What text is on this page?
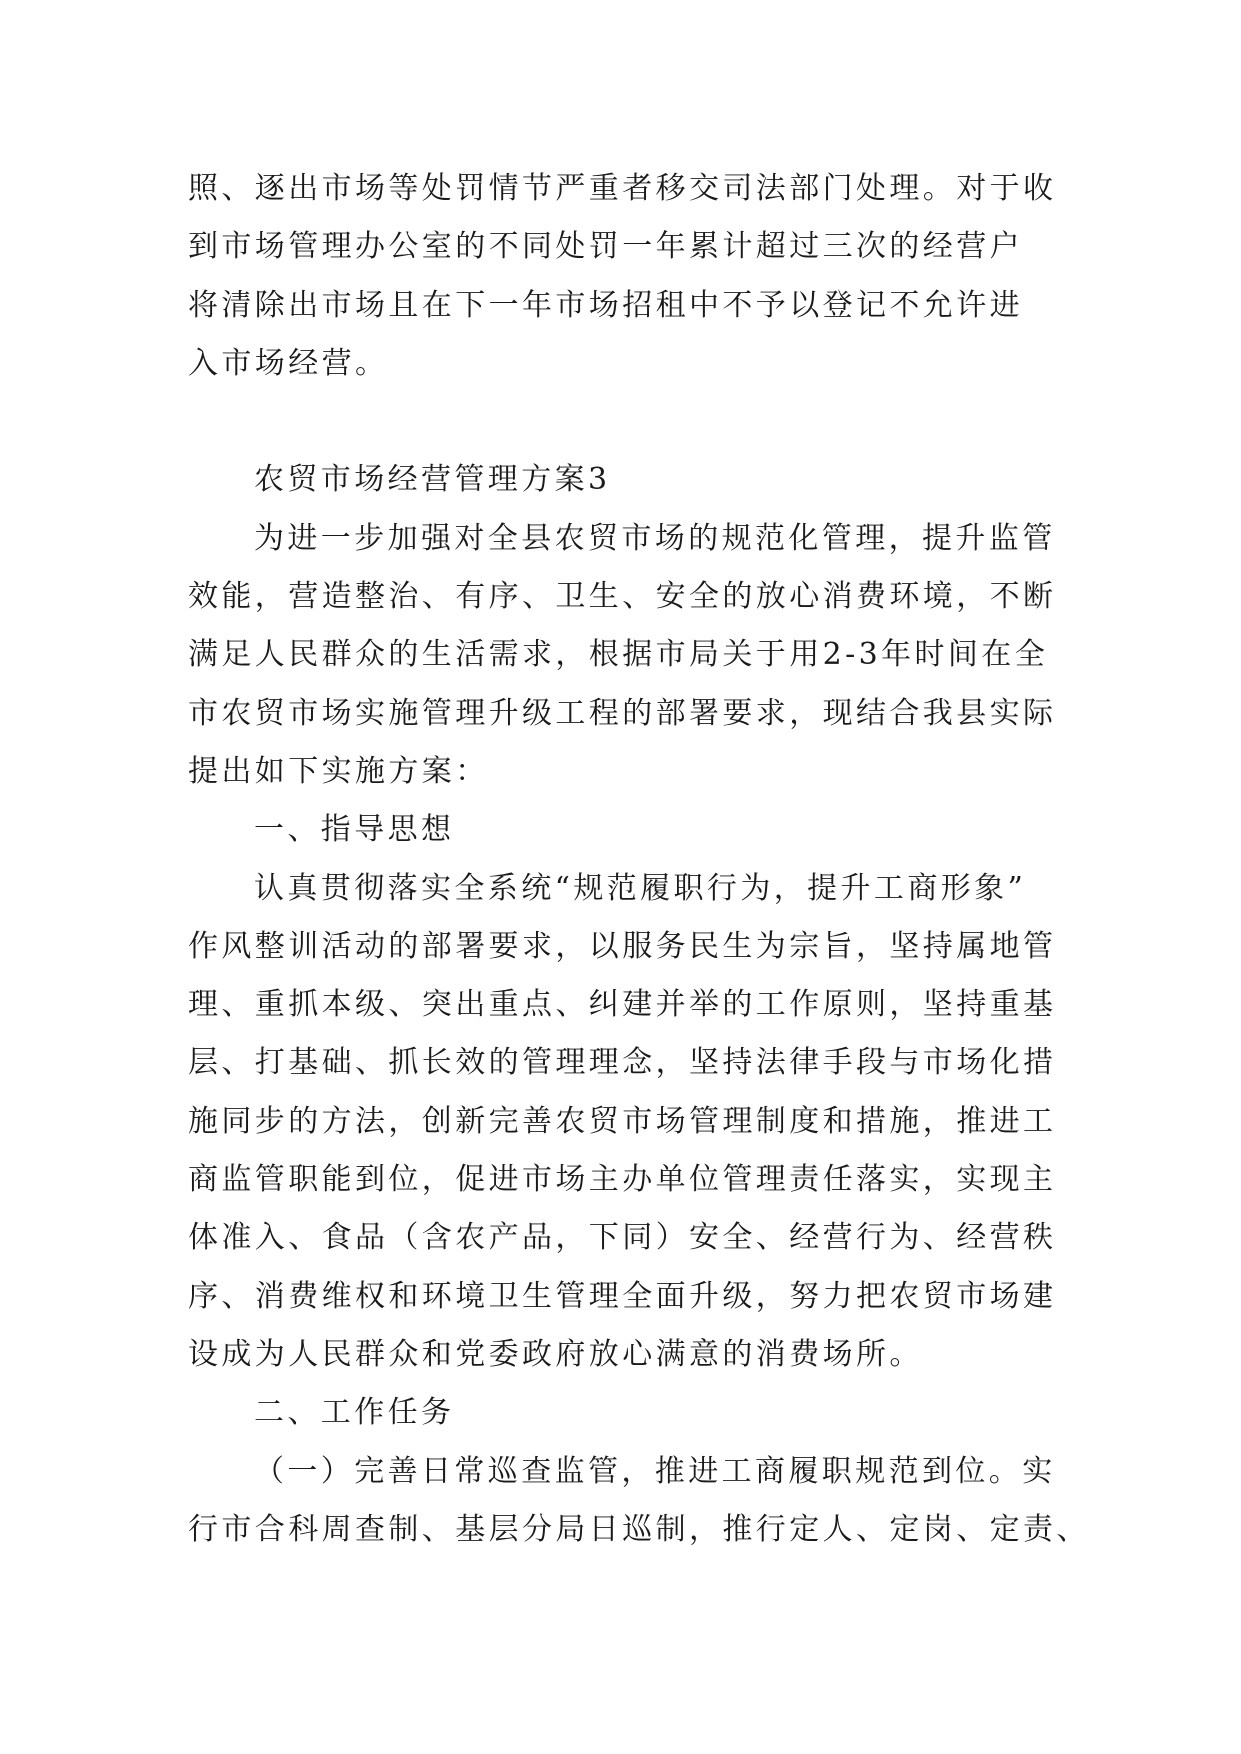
照、逐出市场等处罚情节严重者移交司法部门处理。对于收
到市场管理办公室的不同处罚一年累计超过三次的经营户
将清除出市场且在下一年市场招租中不予以登记不允许进
入市场经营。
农贸市场经营管理方案3
为进一步加强对全县农贸市场的规范化管理，提升监管
效能，营造整治、有序、卫生、安全的放心消费环境，不断
满足人民群众的生活需求，根据市局关于用2-3年时间在全
市农贸市场实施管理升级工程的部署要求，现结合我县实际
提出如下实施方案：
一、指导思想
认真贯彻落实全系统“规范履职行为，提升工商形象”
作风整训活动的部署要求，以服务民生为宗旨，坚持属地管
理、重抓本级、突出重点、纠建并举的工作原则，坚持重基
层、打基础、抓长效的管理理念，坚持法律手段与市场化措
施同步的方法，创新完善农贸市场管理制度和措施，推进工
商监管职能到位，促进市场主办单位管理责任落实，实现主
体准入、食品（含农产品，下同）安全、经营行为、经营秩
序、消费维权和环境卫生管理全面升级，努力把农贸市场建
设成为人民群众和党委政府放心满意的消费场所。
二、工作任务
（一）完善日常巡查监管，推进工商履职规范到位。实
行市合科周查制、基层分局日巡制，推行定人、定岗、定责、
